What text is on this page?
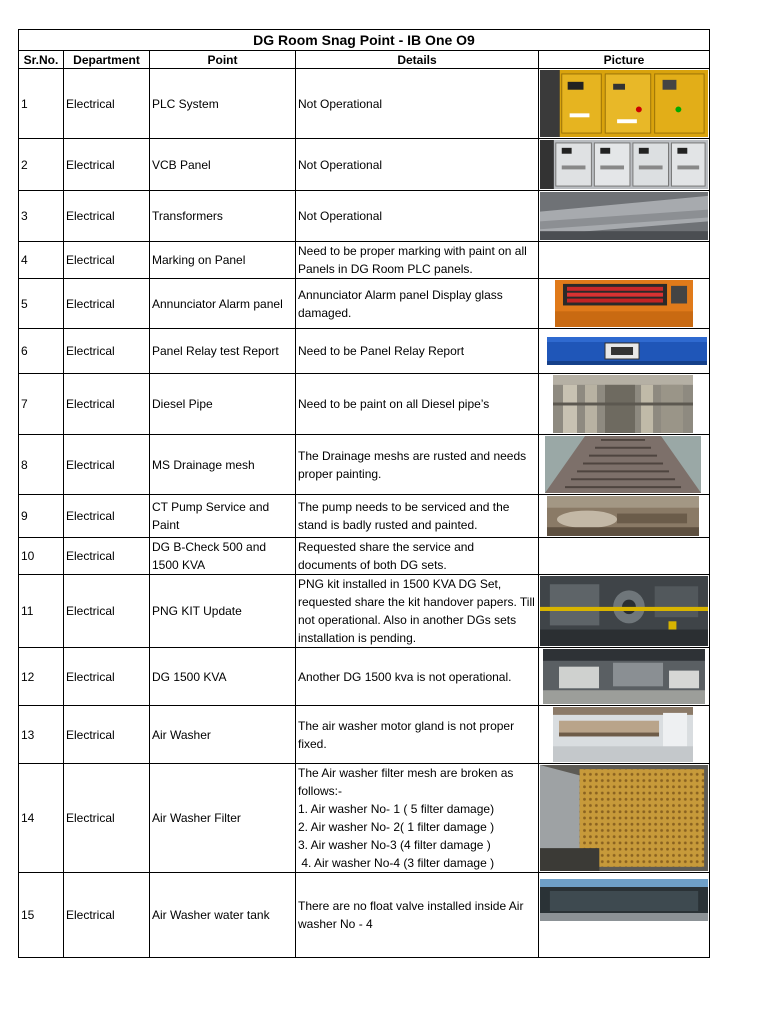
DG Room Snag Point - IB One O9				
Sr.No.	Department	Point	Details	Picture
1	Electrical	PLC System	Not Operational	

2	Electrical	VCB Panel	Not Operational	

3	Electrical	Transformers	Not Operational	

4	Electrical	Marking on Panel	Need to be proper marking with paint on all Panels in DG Room PLC panels.	
5	Electrical	Annunciator Alarm panel	Annunciator Alarm panel Display glass damaged.	

6	Electrical	Panel Relay test Report	Need to be Panel Relay Report	

7	Electrical	Diesel Pipe	Need to be paint on all Diesel pipe’s	

8	Electrical	MS Drainage mesh	The Drainage meshs are rusted and needs proper painting.	

9	Electrical	CT Pump Service and Paint	The pump needs to be serviced and the stand is badly rusted and painted.	

10	Electrical	DG B-Check 500 and 1500 KVA	Requested share the service and documents of both DG sets.	
11	Electrical	PNG KIT Update	PNG kit installed in 1500 KVA DG Set, requested share the kit handover papers. Till not operational. Also in another DGs sets installation is pending.	

12	Electrical	DG 1500 KVA	Another DG 1500 kva is not operational.	

13	Electrical	Air Washer	The air washer motor gland is not proper fixed.	

14	Electrical	Air Washer Filter	The Air washer filter mesh are broken as follows:-
1. Air washer No- 1 ( 5 filter damage)
2. Air washer No- 2( 1 filter damage )
3. Air washer No-3 (4 filter damage )
4. Air washer No-4 (3 filter damage )

15	Electrical	Air Washer water tank	There are no float valve installed inside Air washer No - 4	
